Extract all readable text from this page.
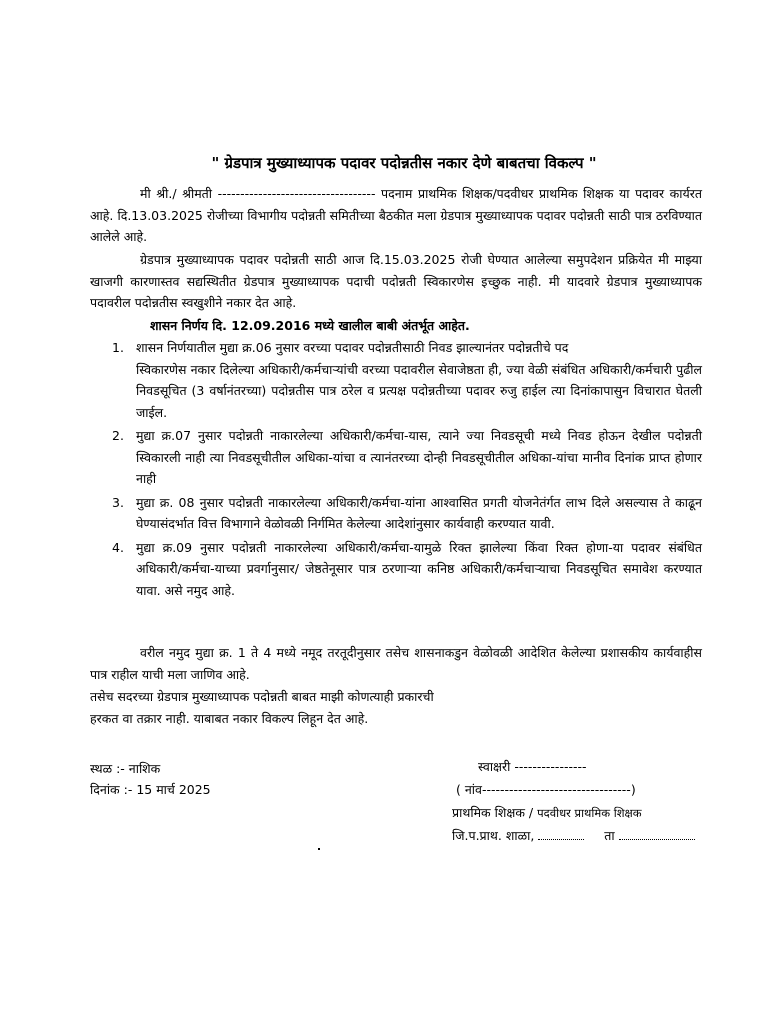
" ग्रेडपात्र मुख्याध्यापक पदावर पदोन्नतीस नकार देणे बाबतचा विकल्प "
मी श्री./ श्रीमती ----------------------------------- पदनाम प्राथमिक शिक्षक/पदवीधर प्राथमिक शिक्षक या पदावर कार्यरत आहे. दि.13.03.2025 रोजीच्या विभागीय पदोन्नती समितीच्या बैठकीत मला ग्रेडपात्र मुख्याध्यापक पदावर पदोन्नती साठी पात्र ठरविण्यात आलेले आहे.
ग्रेडपात्र मुख्याध्यापक पदावर पदोन्नती साठी आज दि.15.03.2025 रोजी घेण्यात आलेल्या समुपदेशन प्रक्रियेत मी माझ्या खाजगी कारणास्तव सद्यस्थितीत ग्रेडपात्र मुख्याध्यापक पदाची पदोन्नती स्विकारणेस इच्छुक नाही. मी यादवारे ग्रेडपात्र मुख्याध्यापक पदावरील पदोन्नतीस स्वखुशीने नकार देत आहे.
शासन निर्णय दि. 12.09.2016 मध्ये खालील बाबी अंतर्भूत आहेत.
1. शासन निर्णयातील मुद्या क्र.06 नुसार वरच्या पदावर पदोन्नतीसाठी निवड झाल्यानंतर पदोन्नतीचे पद
स्विकारणेस नकार दिलेल्या अधिकारी/कर्मचाऱ्यांची वरच्या पदावरील सेवाजेष्ठता ही, ज्या वेळी संबंधित अधिकारी/कर्मचारी पुढील निवडसूचित (3 वर्षानंतरच्या) पदोन्नतीस पात्र ठरेल व प्रत्यक्ष पदोन्नतीच्या पदावर रुजु हाईल त्या दिनांकापासुन विचारात घेतली जाईल.
2. मुद्या क्र.07 नुसार पदोन्नती नाकारलेल्या अधिकारी/कर्मचा-यास, त्याने ज्या निवडसूची मध्ये निवड होऊन देखील पदोन्नती स्विकारली नाही त्या निवडसूचीतील अधिका-यांचा व त्यानंतरच्या दोन्ही निवडसूचीतील अधिका-यांचा मानीव दिनांक प्राप्त होणार नाही
3. मुद्या क्र. 08 नुसार पदोन्नती नाकारलेल्या अधिकारी/कर्मचा-यांना आश्वासित प्रगती योजनेतंर्गत लाभ दिले असल्यास ते काढून घेण्यासंदर्भात वित्त विभागाने वेळोवळी निर्गमित केलेल्या आदेशांनुसार कार्यवाही करण्यात यावी.
4. मुद्या क्र.09 नुसार पदोन्नती नाकारलेल्या अधिकारी/कर्मचा-यामुळे रिक्त झालेल्या किंवा रिक्त होणा-या पदावर संबंधित अधिकारी/कर्मचा-याच्या प्रवर्गानुसार/ जेष्ठतेनूसार पात्र ठरणाऱ्या कनिष्ठ अधिकारी/कर्मचाऱ्याचा निवडसूचित समावेश करण्यात यावा. असे नमुद आहे.
वरील नमुद मुद्या क्र. 1 ते 4 मध्ये नमूद तरतूदीनुसार तसेच शासनाकडुन वेळोवळी आदेशित केलेल्या प्रशासकीय कार्यवाहीस पात्र राहील याची मला जाणिव आहे.
तसेच सदरच्या ग्रेडपात्र मुख्याध्यापक पदोन्नती बाबत माझी कोणत्याही प्रकारची
हरकत वा तक्रार नाही. याबाबत नकार विकल्प लिहून देत आहे.
स्थळ :- नाशिक
दिनांक :- 15 मार्च 2025
स्वाक्षरी ----------------
( नांव---------------------------------)
प्राथमिक शिक्षक / पदवीधर प्राथमिक शिक्षक
जि.प.प्राथ. शाळा,	ता
